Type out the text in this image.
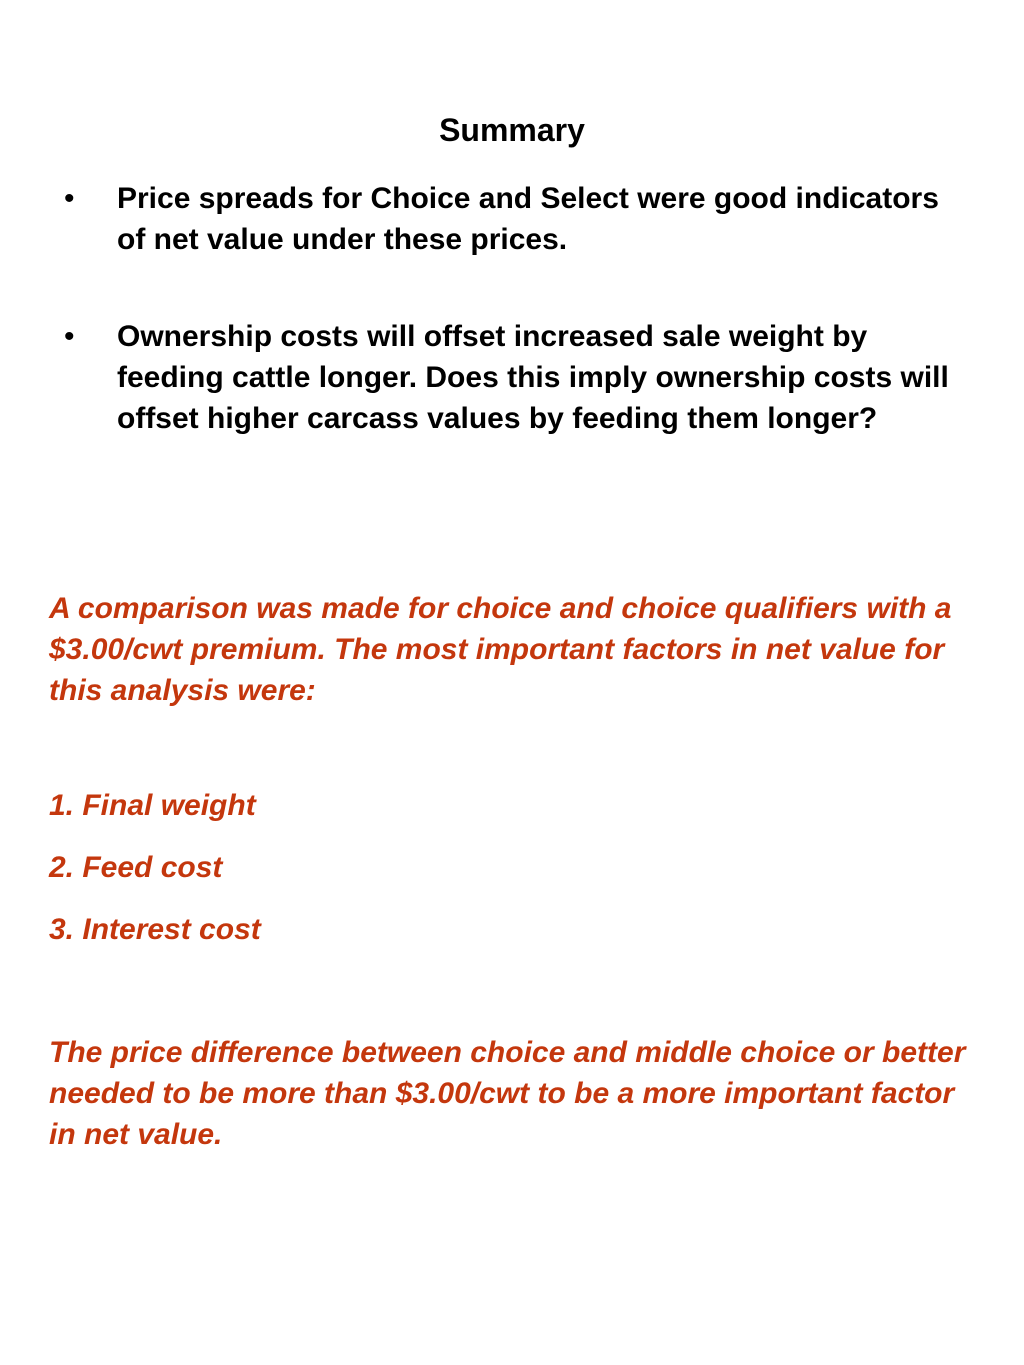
Summary
• Price spreads for Choice and Select were good indicators of net value under these prices.
• Ownership costs will offset increased sale weight by feeding cattle longer. Does this imply ownership costs will offset higher carcass values by feeding them longer?

A comparison was made for choice and choice qualifiers with a $3.00/cwt premium. The most important factors in net value for this analysis were:

1. Final weight
2. Feed cost
3. Interest cost

The price difference between choice and middle choice or better needed to be more than $3.00/cwt to be a more important factor in net value.
